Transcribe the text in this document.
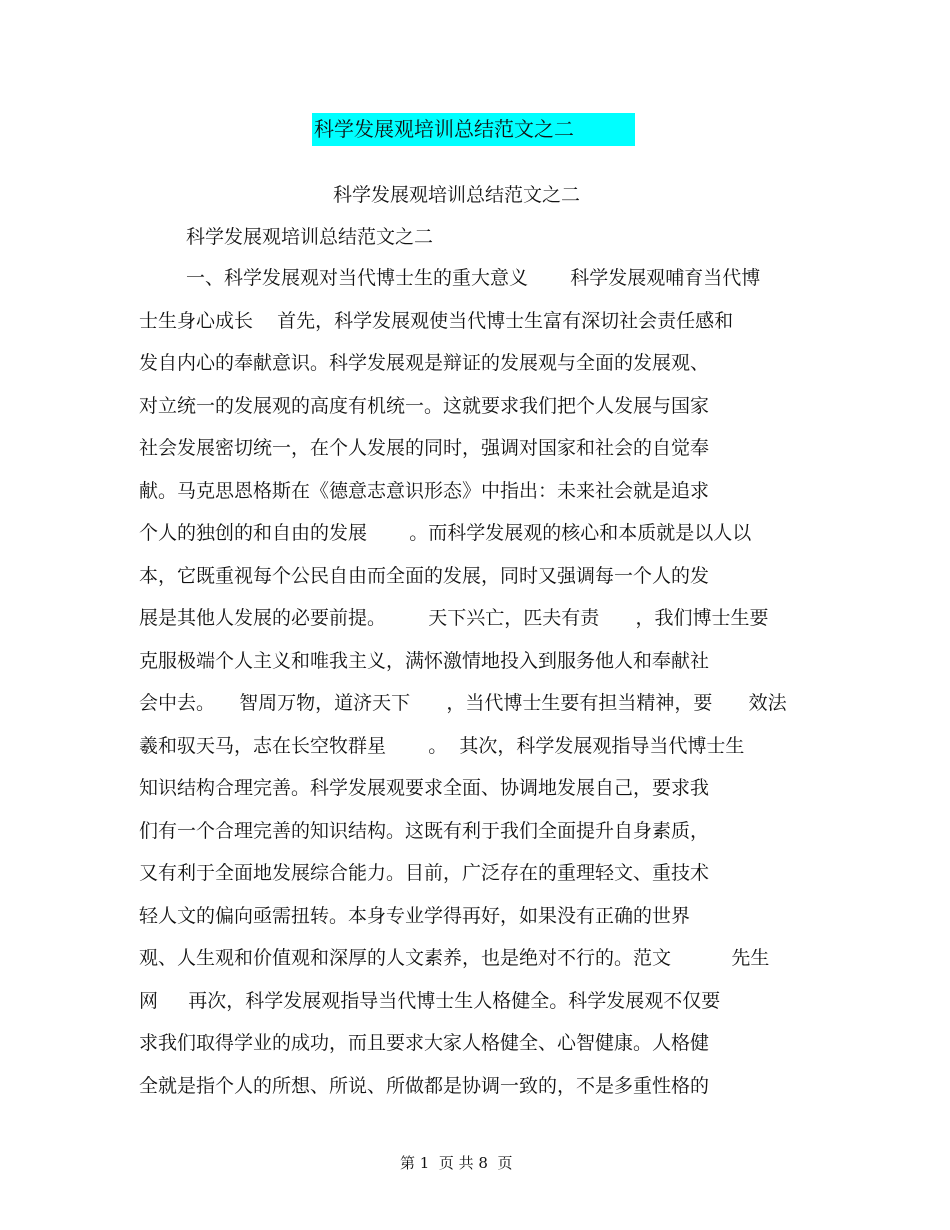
科学发展观培训总结范文之二
科学发展观培训总结范文之二
科学发展观培训总结范文之二
一、科学发展观对当代博士生的重大意义       科学发展观哺育当代博
士生身心成长    首先，科学发展观使当代博士生富有深切社会责任感和
发自内心的奉献意识。科学发展观是辩证的发展观与全面的发展观、
对立统一的发展观的高度有机统一。这就要求我们把个人发展与国家
社会发展密切统一，在个人发展的同时，强调对国家和社会的自觉奉
献。马克思恩格斯在《德意志意识形态》中指出：未来社会就是追求
个人的独创的和自由的发展       。而科学发展观的核心和本质就是以人以
本，它既重视每个公民自由而全面的发展，同时又强调每一个人的发
展是其他人发展的必要前提。       天下兴亡，匹夫有责      ，我们博士生要
克服极端个人主义和唯我主义，满怀激情地投入到服务他人和奉献社
会中去。    智周万物，道济天下      ，当代博士生要有担当精神，要      效法
羲和驭天马，志在长空牧群星       。  其次，科学发展观指导当代博士生
知识结构合理完善。科学发展观要求全面、协调地发展自己，要求我
们有一个合理完善的知识结构。这既有利于我们全面提升自身素质，
又有利于全面地发展综合能力。目前，广泛存在的重理轻文、重技术
轻人文的偏向亟需扭转。本身专业学得再好，如果没有正确的世界
观、人生观和价值观和深厚的人文素养，也是绝对不行的。范文          先生
网     再次，科学发展观指导当代博士生人格健全。科学发展观不仅要
求我们取得学业的成功，而且要求大家人格健全、心智健康。人格健
全就是指个人的所想、所说、所做都是协调一致的，不是多重性格的
第 1  页 共 8  页
